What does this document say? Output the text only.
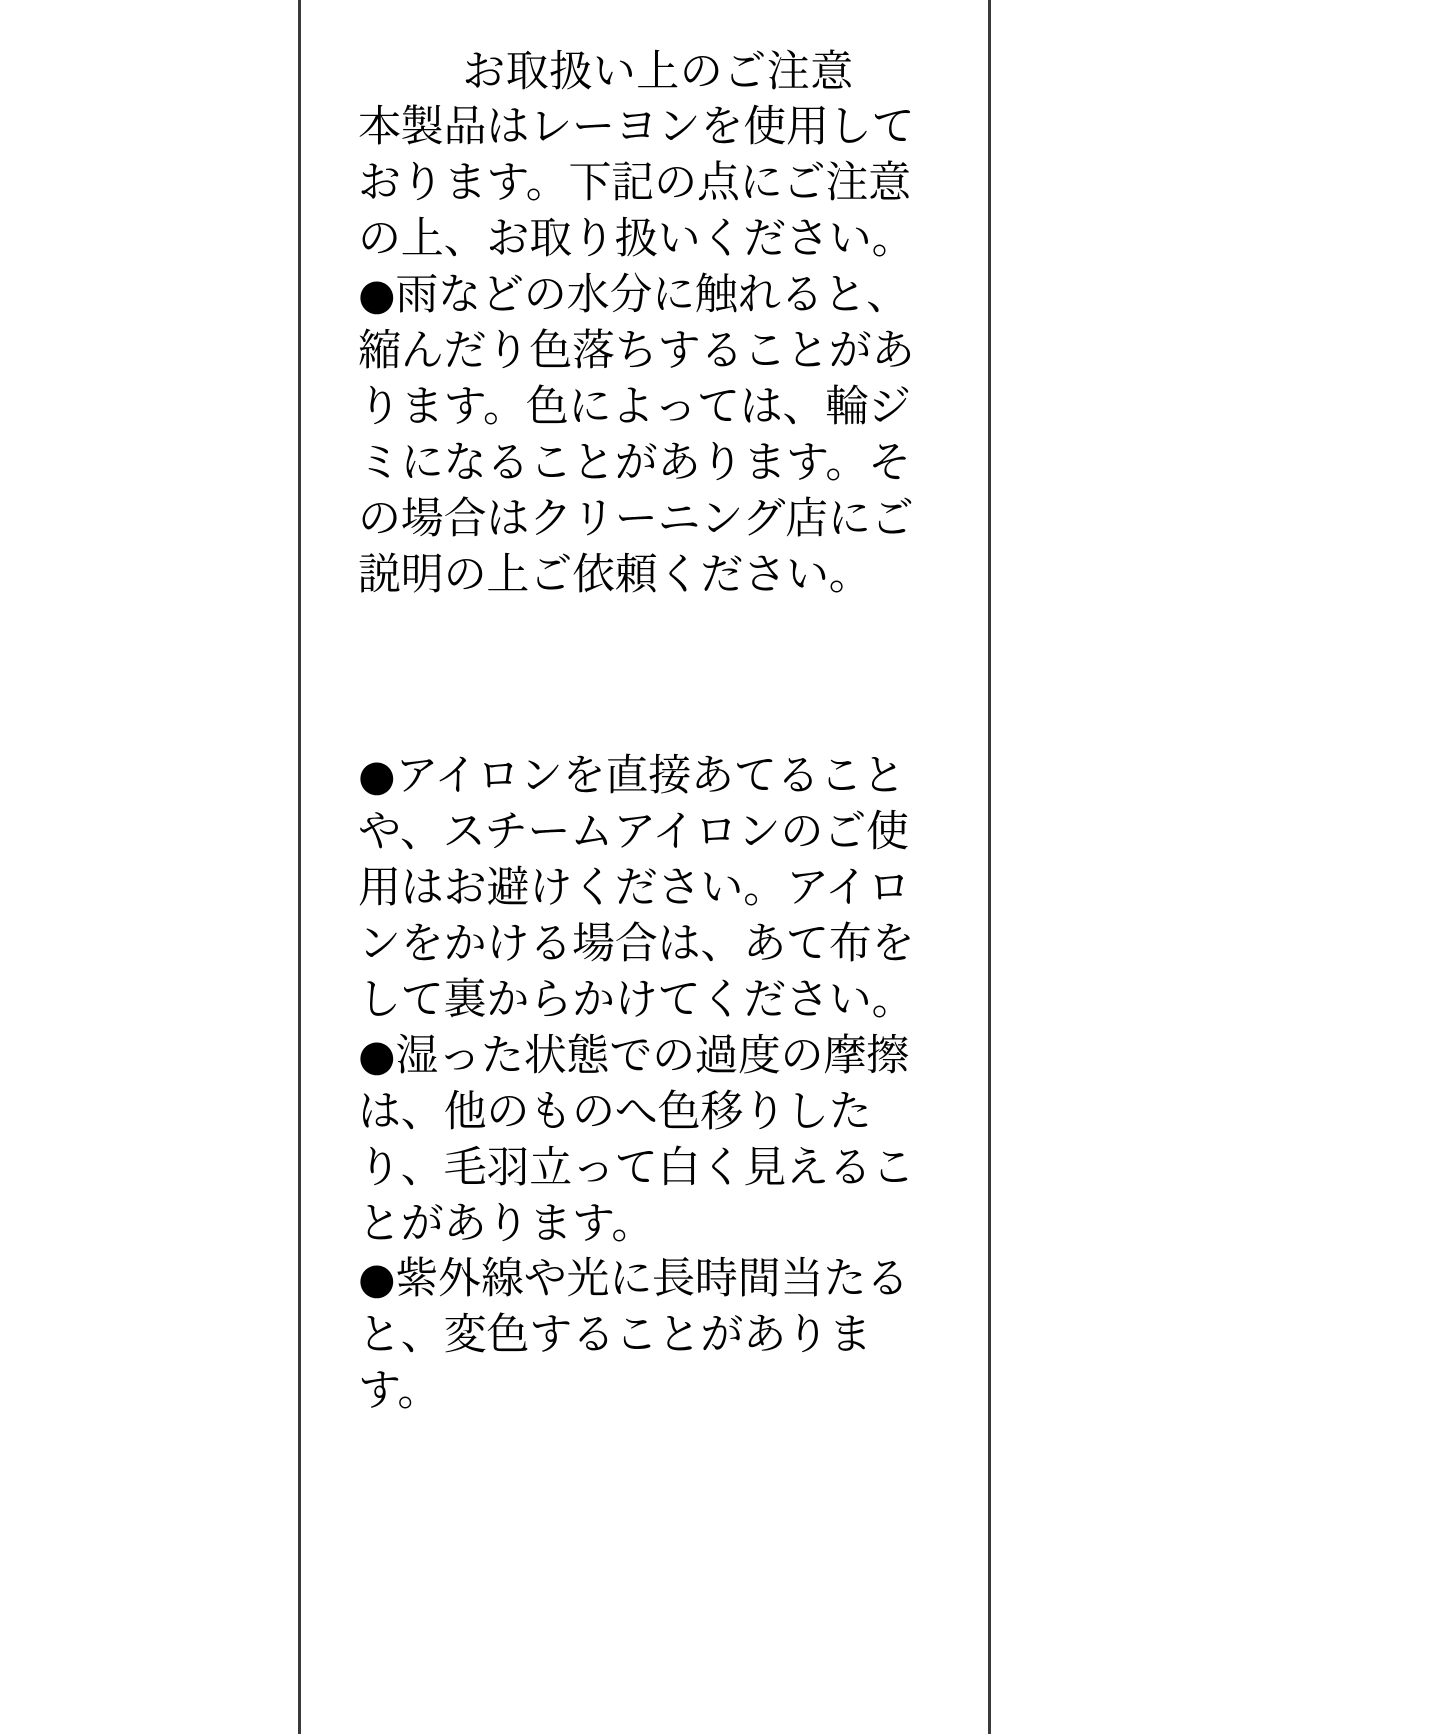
お取扱い上のご注意

本製品はレーヨンを使用しております。下記の点にご注意の上、お取り扱いください。

●雨などの水分に触れると、縮んだり色落ちすることがあります。色によっては、輪ジミになることがあります。その場合はクリーニング店にご説明の上ご依頼ください。

●アイロンを直接あてることや、スチームアイロンのご使用はお避けください。アイロンをかける場合は、あて布をして裏からかけてください。

●湿った状態での過度の摩擦は、他のものへ色移りしたり、毛羽立って白く見えることがあります。

●紫外線や光に長時間当たると、変色することがあります。
